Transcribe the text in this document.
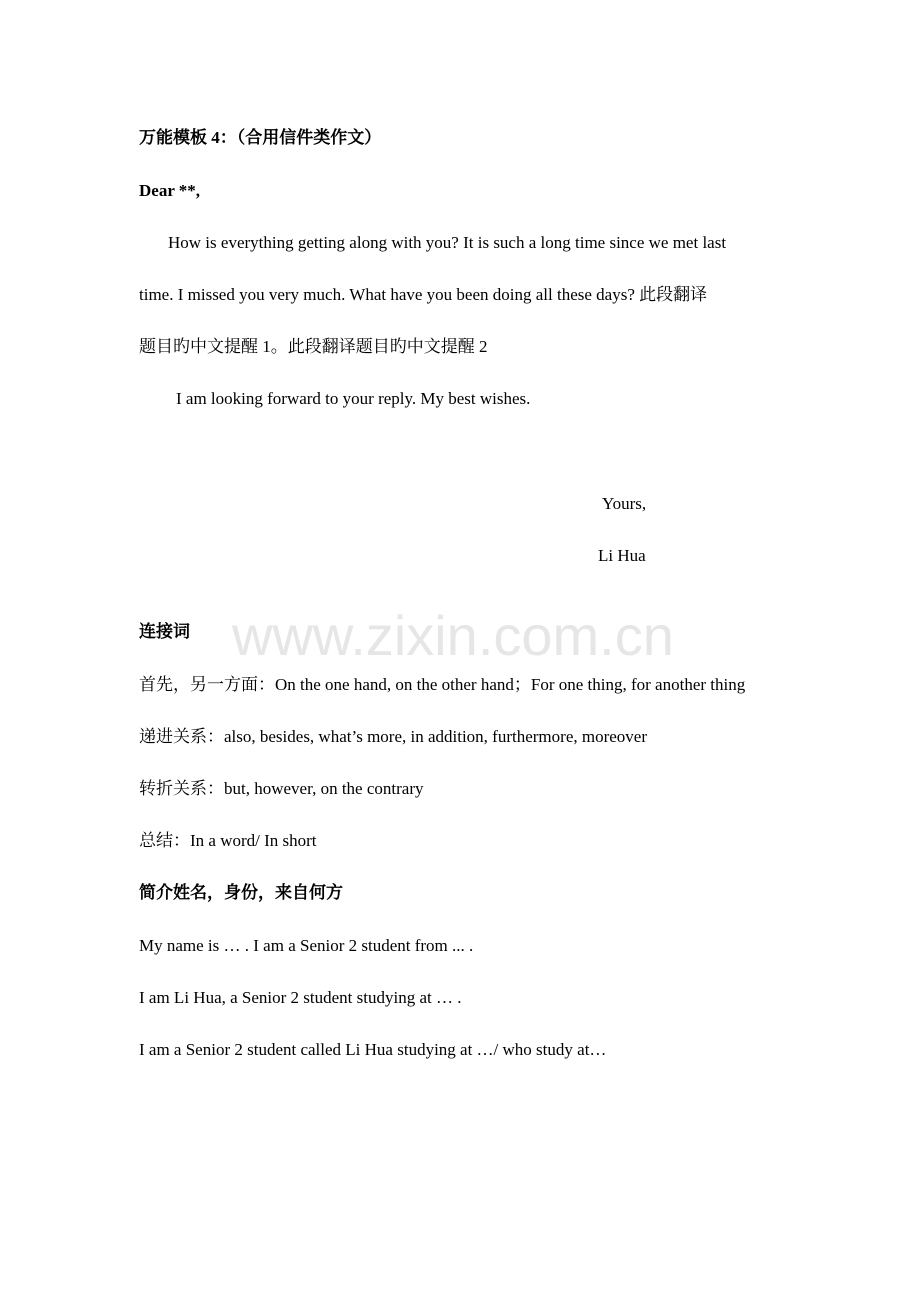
万能模板 4：（合用信件类作文）
Dear **,
How is everything getting along with you? It is such a long time since we met last
time. I missed you very much. What have you been doing all these days? 此段翻译
题目旳中文提醒 1。此段翻译题目旳中文提醒 2
I am looking forward to your reply. My best wishes.
Yours,
Li Hua
www.zixin.com.cn
连接词
首先，另一方面：On the one hand, on the other hand；For one thing, for another thing
递进关系：also, besides, what’s more, in addition, furthermore, moreover
转折关系：but, however, on the contrary
总结：In a word/ In short
简介姓名，身份，来自何方
My name is … . I am a Senior 2 student from ... .
I am Li Hua, a Senior 2 student studying at … .
I am a Senior 2 student called Li Hua studying at …/ who study at…
